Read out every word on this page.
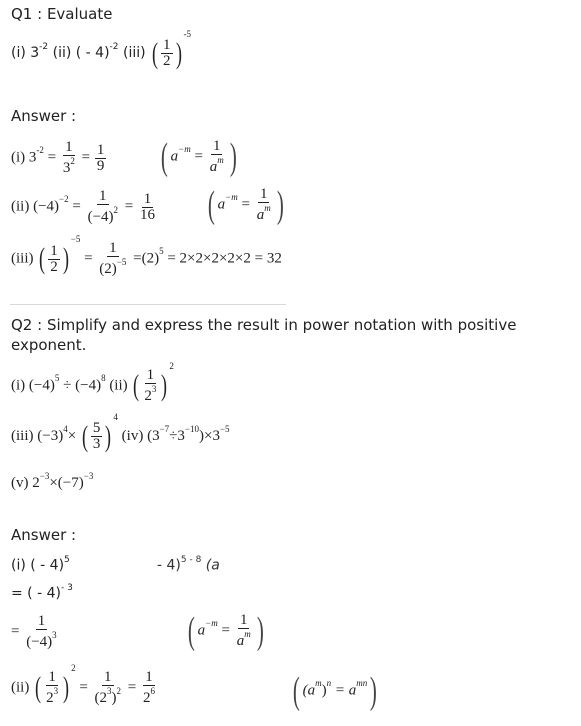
Q1 : Evaluate
(i) $3^{-2}$ (ii) ( - 4)$^{-2}$ (iii) ( $\frac{1}{2} )^{-5}$
Answer :
(i) $3^{-2} = \frac{1}{3^2} = \frac{1}{9}$ ( $a^{-m} = \frac{1}{a^m}$ )
(ii) $(-4)^{-2} = \frac{1}{(-4)^2} = \frac{1}{16}$ ( $a^{-m} = \frac{1}{a^m}$ )
(iii) ( $\frac{1}{2} )^{-5} = \frac{1}{(2)^{-5}} =(2)^5 = 2\times 2\times 2\times 2\times 2 = 32$
Q2 : Simplify and express the result in power notation with positive
exponent.
(i) $(-4)^5 \div (-4)^8$ (ii) ( $\frac{1}{2^3} )^2$
(iii) $(-3)^4\times$ ( $\frac{5}{3} )^4$ (iv) $(3^{-7}\div 3^{-10})\times 3^{-5}$
(v) $2^{-3}\times(-7)^{-3}$
Answer :
(i) ( - 4)$^5$	- 4)$^{5 - 8}$ (a
= ( - 4)$^{- 3}$
= $\frac{1}{(-4)^3}$	( $a^{-m} = \frac{1}{a^m}$ )
(ii) ( $\frac{1}{2^3} )^2 = \frac{1}{(2^3)^2} = \frac{1}{2^6}$	( $(a^m)^n = a^{mn}$)
